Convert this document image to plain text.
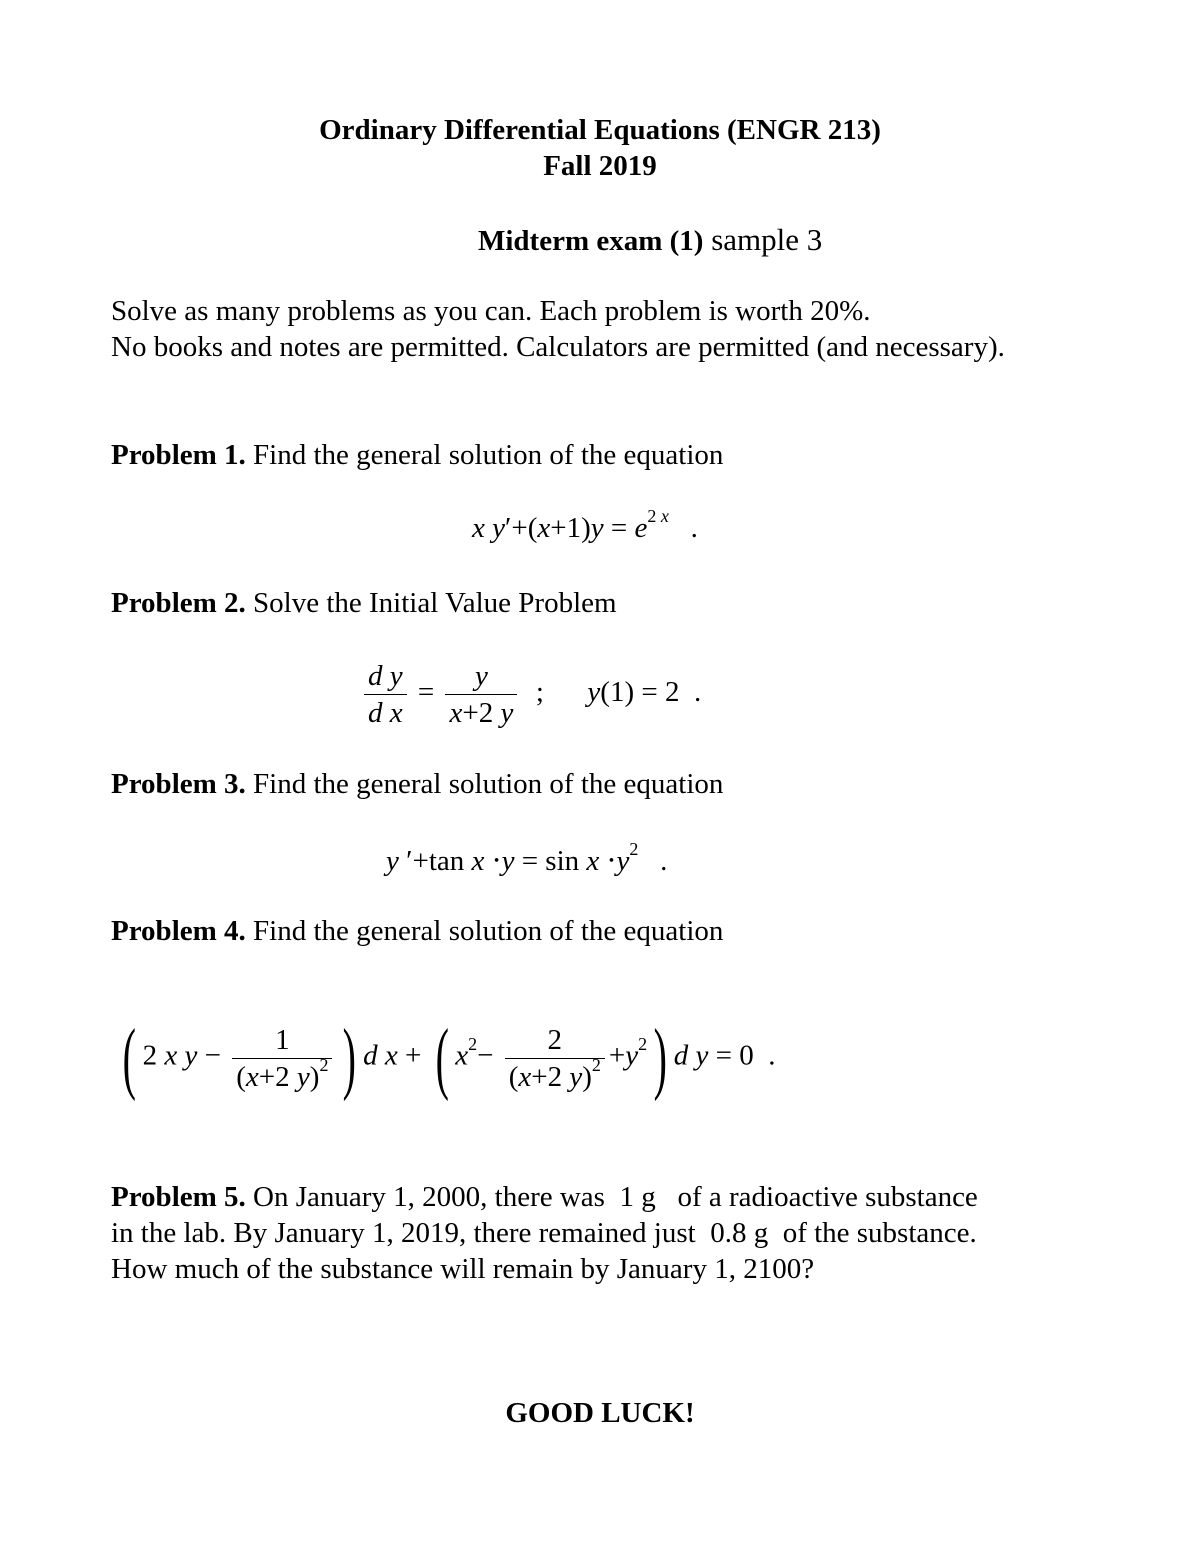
Ordinary Differential Equations (ENGR 213)
Fall 2019
Midterm exam (1) sample 3
Solve as many problems as you can. Each problem is worth 20%.
No books and notes are permitted. Calculators are permitted (and necessary).
Problem 1. Find the general solution of the equation
x $y'+(x+1)y = e^{2 x}$   .
Problem 2. Solve the Initial Value Problem
$\frac{\text{d y}}{\text{d x}} = \frac{y}{x+2 y}$ ;      y(1) = 2  .
Problem 3. Find the general solution of the equation
y ′+tan $x \cdot y = \sin x \cdot y^2$   .
Problem 4. Find the general solution of the equation
( 2 x $y - \frac{1}{(x+2 y)^2}$ ) d x + ( $x^2- \frac{2}{(x+2 y)^2} +y^2$) d y = 0  .
Problem 5. On January 1, 2000, there was  1 g   of a radioactive substance
in the lab. By January 1, 2019, there remained just  0.8 g  of the substance.
How much of the substance will remain by January 1, 2100?
GOOD LUCK!
